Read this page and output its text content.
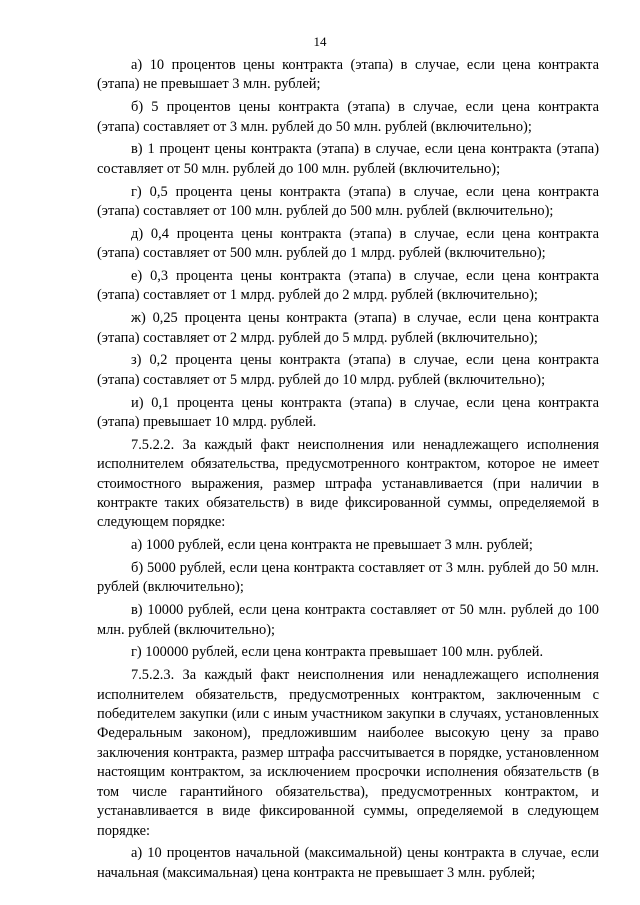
14

а) 10 процентов цены контракта (этапа) в случае, если цена контракта (этапа) не превышает 3 млн. рублей;

б) 5 процентов цены контракта (этапа) в случае, если цена контракта (этапа) составляет от 3 млн. рублей до 50 млн. рублей (включительно);

в) 1 процент цены контракта (этапа) в случае, если цена контракта (этапа) составляет от 50 млн. рублей до 100 млн. рублей (включительно);

г) 0,5 процента цены контракта (этапа) в случае, если цена контракта (этапа) составляет от 100 млн. рублей до 500 млн. рублей (включительно);

д) 0,4 процента цены контракта (этапа) в случае, если цена контракта (этапа) составляет от 500 млн. рублей до 1 млрд. рублей (включительно);

е) 0,3 процента цены контракта (этапа) в случае, если цена контракта (этапа) составляет от 1 млрд. рублей до 2 млрд. рублей (включительно);

ж) 0,25 процента цены контракта (этапа) в случае, если цена контракта (этапа) составляет от 2 млрд. рублей до 5 млрд. рублей (включительно);

з) 0,2 процента цены контракта (этапа) в случае, если цена контракта (этапа) составляет от 5 млрд. рублей до 10 млрд. рублей (включительно);

и) 0,1 процента цены контракта (этапа) в случае, если цена контракта (этапа) превышает 10 млрд. рублей.

7.5.2.2. За каждый факт неисполнения или ненадлежащего исполнения исполнителем обязательства, предусмотренного контрактом, которое не имеет стоимостного выражения, размер штрафа устанавливается (при наличии в контракте таких обязательств) в виде фиксированной суммы, определяемой в следующем порядке:

а) 1000 рублей, если цена контракта не превышает 3 млн. рублей;

б) 5000 рублей, если цена контракта составляет от 3 млн. рублей до 50 млн. рублей (включительно);

в) 10000 рублей, если цена контракта составляет от 50 млн. рублей до 100 млн. рублей (включительно);

г) 100000 рублей, если цена контракта превышает 100 млн. рублей.

7.5.2.3. За каждый факт неисполнения или ненадлежащего исполнения исполнителем обязательств, предусмотренных контрактом, заключенным с победителем закупки (или с иным участником закупки в случаях, установленных Федеральным законом), предложившим наиболее высокую цену за право заключения контракта, размер штрафа рассчитывается в порядке, установленном настоящим контрактом, за исключением просрочки исполнения обязательств (в том числе гарантийного обязательства), предусмотренных контрактом, и устанавливается в виде фиксированной суммы, определяемой в следующем порядке:

а) 10 процентов начальной (максимальной) цены контракта в случае, если начальная (максимальная) цена контракта не превышает 3 млн. рублей;
